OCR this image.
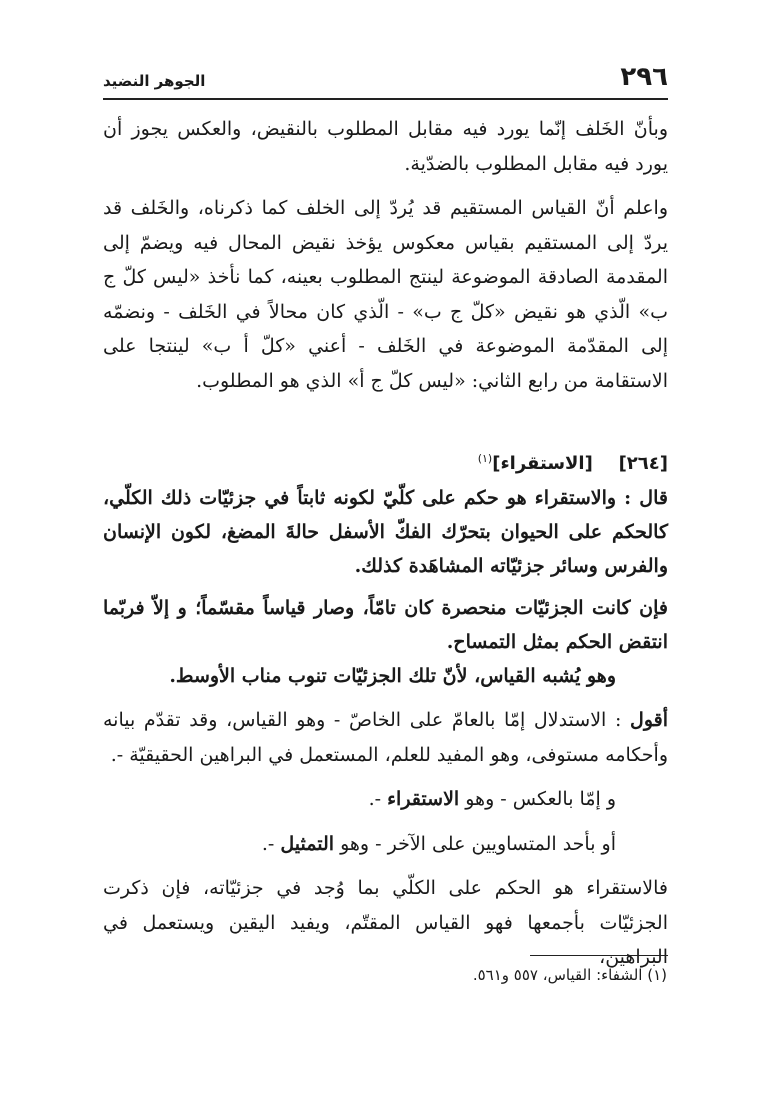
٢٩٦
الجوهر النضيد

وبأنّ الخَلف إنّما يورد فيه مقابل المطلوب بالنقيض، والعكس يجوز أن يورد فيه مقابل المطلوب بالضدّية.

واعلم أنّ القياس المستقيم قد يُردّ إلى الخلف كما ذكرناه، والخَلف قد يردّ إلى المستقيم بقياس معكوس يؤخذ نقيض المحال فيه ويضمّ إلى المقدمة الصادقة الموضوعة لينتج المطلوب بعينه، كما نأخذ «ليس كلّ ج ب» الّذي هو نقيض «كلّ ج ب» - الّذي كان محالاً في الخَلف - ونضمّه إلى المقدّمة الموضوعة في الخَلف - أعني «كلّ أ ب» لينتجا على الاستقامة من رابع الثاني: «ليس كلّ ج أ» الذي هو المطلوب.

[٢٦٤] [الاستقراء]$^{(١)}$

قال : والاستقراء هو حكم على كلّيّ لكونه ثابتاً في جزئيّات ذلك الكلّي، كالحكم على الحيوان بتحرّك الفكّ الأسفل حالةَ المضغ، لكون الإنسان والفرس وسائر جزئيّاته المشاهَدة كذلك.

فإن كانت الجزئيّات منحصرة كان تامّاً، وصار قياساً مقسّماً؛ و إلاّ فربّما انتقض الحكم بمثل التمساح.

وهو يُشبه القياس، لأنّ تلك الجزئيّات تنوب مناب الأوسط.

أقول : الاستدلال إمّا بالعامّ على الخاصّ - وهو القياس، وقد تقدّم بيانه وأحكامه مستوفى، وهو المفيد للعلم، المستعمل في البراهين الحقيقيّة -.

و إمّا بالعكس - وهو الاستقراء -.

أو بأحد المتساويين على الآخر - وهو التمثيل -.

فالاستقراء هو الحكم على الكلّي بما وُجد في جزئيّاته، فإن ذكرت الجزئيّات بأجمعها فهو القياس المقتّم، ويفيد اليقين ويستعمل في البراهين،

(١) الشفاء: القياس، ٥٥٧ و٥٦١.
